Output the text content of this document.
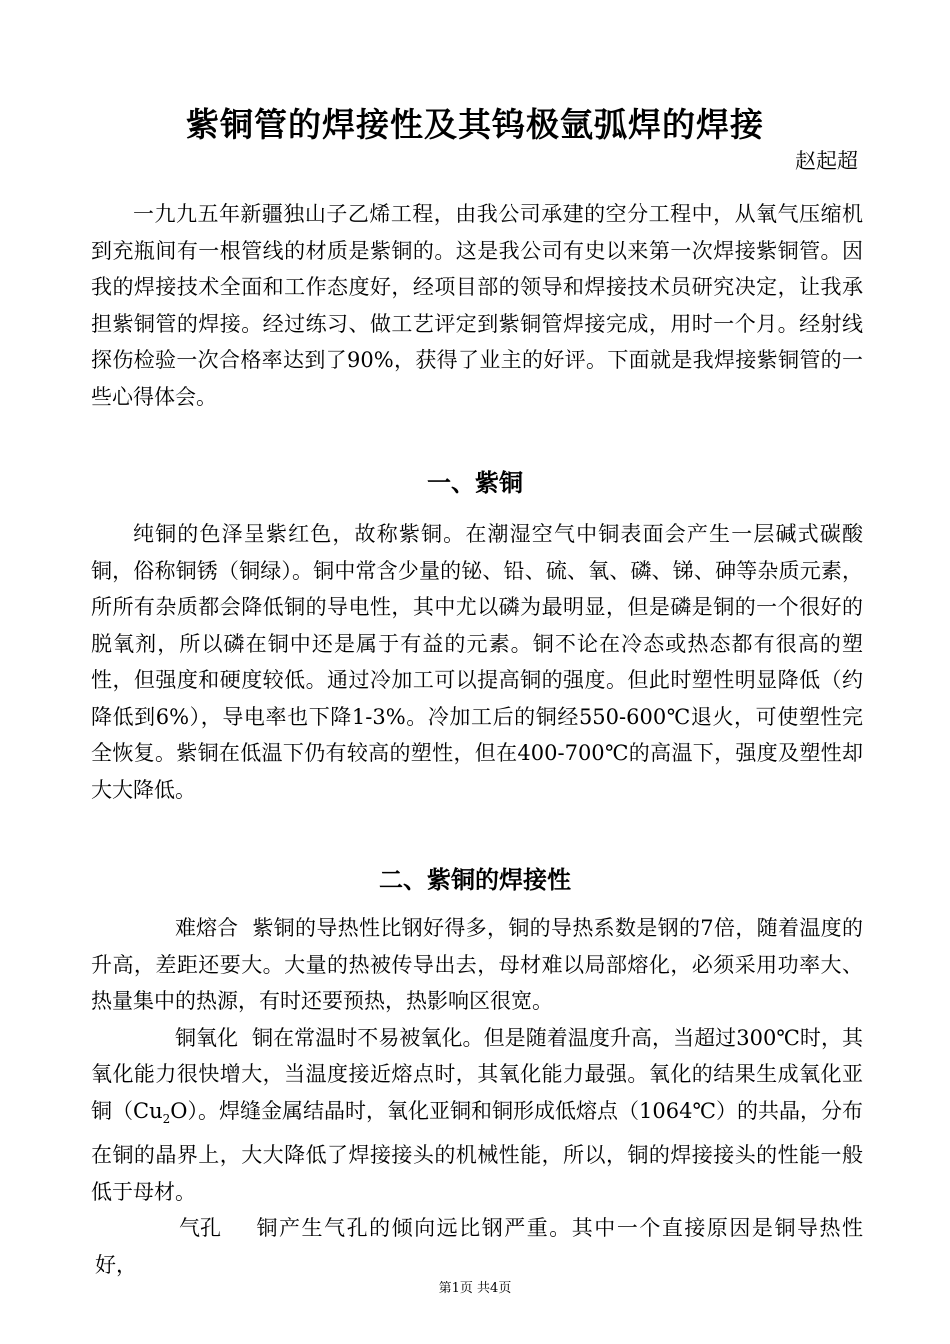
紫铜管的焊接性及其钨极氩弧焊的焊接
赵起超

一九九五年新疆独山子乙烯工程，由我公司承建的空分工程中，从氧气压缩机到充瓶间有一根管线的材质是紫铜的。这是我公司有史以来第一次焊接紫铜管。因我的焊接技术全面和工作态度好，经项目部的领导和焊接技术员研究决定，让我承担紫铜管的焊接。经过练习、做工艺评定到紫铜管焊接完成，用时一个月。经射线探伤检验一次合格率达到了90%，获得了业主的好评。下面就是我焊接紫铜管的一些心得体会。

一、紫铜

纯铜的色泽呈紫红色，故称紫铜。在潮湿空气中铜表面会产生一层碱式碳酸铜，俗称铜锈（铜绿）。铜中常含少量的铋、铅、硫、氧、磷、锑、砷等杂质元素，所所有杂质都会降低铜的导电性，其中尤以磷为最明显，但是磷是铜的一个很好的脱氧剂，所以磷在铜中还是属于有益的元素。铜不论在冷态或热态都有很高的塑性，但强度和硬度较低。通过冷加工可以提高铜的强度。但此时塑性明显降低（约降低到6%），导电率也下降1-3%。冷加工后的铜经550-600℃退火，可使塑性完全恢复。紫铜在低温下仍有较高的塑性，但在400-700℃的高温下，强度及塑性却大大降低。

二、紫铜的焊接性

难熔合 紫铜的导热性比钢好得多，铜的导热系数是钢的7倍，随着温度的升高，差距还要大。大量的热被传导出去，母材难以局部熔化，必须采用功率大、热量集中的热源，有时还要预热，热影响区很宽。

铜氧化 铜在常温时不易被氧化。但是随着温度升高，当超过300℃时，其氧化能力很快增大，当温度接近熔点时，其氧化能力最强。氧化的结果生成氧化亚铜$(Cu_2O)$。焊缝金属结晶时，氧化亚铜和铜形成低熔点（1064℃）的共晶，分布在铜的晶界上，大大降低了焊接接头的机械性能，所以，铜的焊接接头的性能一般低于母材。

气孔 铜产生气孔的倾向远比钢严重。其中一个直接原因是铜导热性好，

第1页 共4页
